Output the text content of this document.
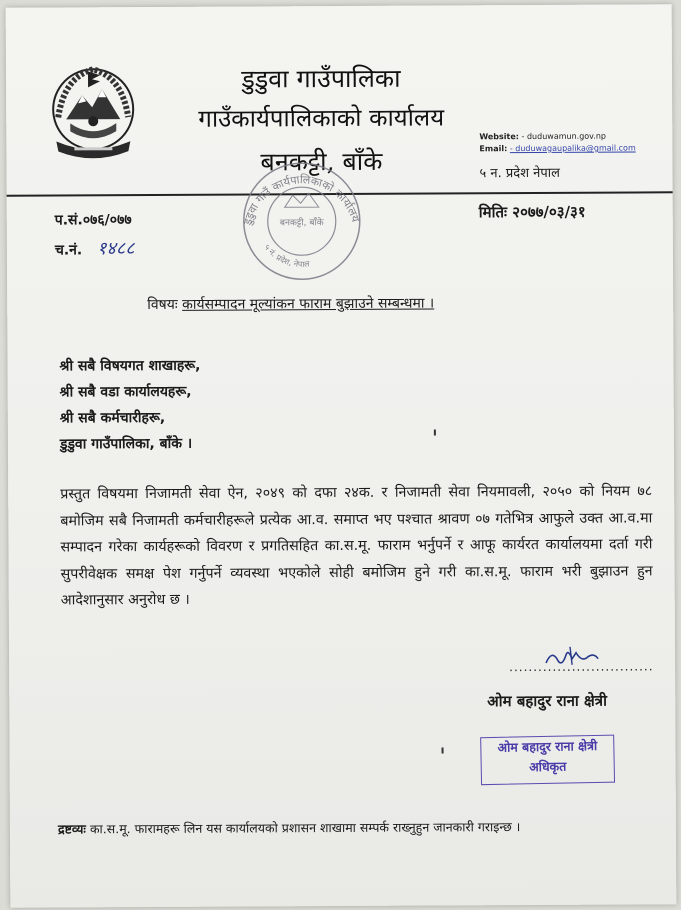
डुडुवा गाउँपालिका
गाउँकार्यपालिकाको कार्यालय
बनकट्टी, बाँके
Website: - duduwamun.gov.np
Email: - duduwagaupalika@gmail.com
५ न. प्रदेश नेपाल
डुडुवा गाउँ कार्यपालिकाको कार्यालय
बनकट्टी, बाँके
५ नं. प्रदेश, नेपाल
प.सं.०७६/०७७
च.नं. १४८८
मितिः २०७७/०३/३१
विषयः कार्यसम्पादन मूल्यांकन फाराम बुझाउने सम्बन्धमा ।
श्री सबै विषयगत शाखाहरू,
श्री सबै वडा कार्यालयहरू,
श्री सबै कर्मचारीहरू,
डुडुवा गाउँपालिका, बाँके ।
प्रस्तुत विषयमा निजामती सेवा ऐन, २०४९ को दफा २४क. र निजामती सेवा नियमावली, २०५० को नियम ७८ बमोजिम सबै निजामती कर्मचारीहरूले प्रत्येक आ.व. समाप्त भए पश्चात श्रावण ०७ गतेभित्र आफुले उक्त आ.व.मा सम्पादन गरेका कार्यहरूको विवरण र प्रगतिसहित का.स.मू. फाराम भर्नुपर्ने र आफू कार्यरत कार्यालयमा दर्ता गरी सुपरीवेक्षक समक्ष पेश गर्नुपर्ने व्यवस्था भएकोले सोही बमोजिम हुने गरी का.स.मू. फाराम भरी बुझाउन हुन आदेशानुसार अनुरोध छ ।
..............................
ओम बहादुर राना क्षेत्री
ओम बहादुर राना क्षेत्री
अधिकृत
द्रष्टव्यः का.स.मू. फारामहरू लिन यस कार्यालयको प्रशासन शाखामा सम्पर्क राख्नुहुन जानकारी गराइन्छ ।
